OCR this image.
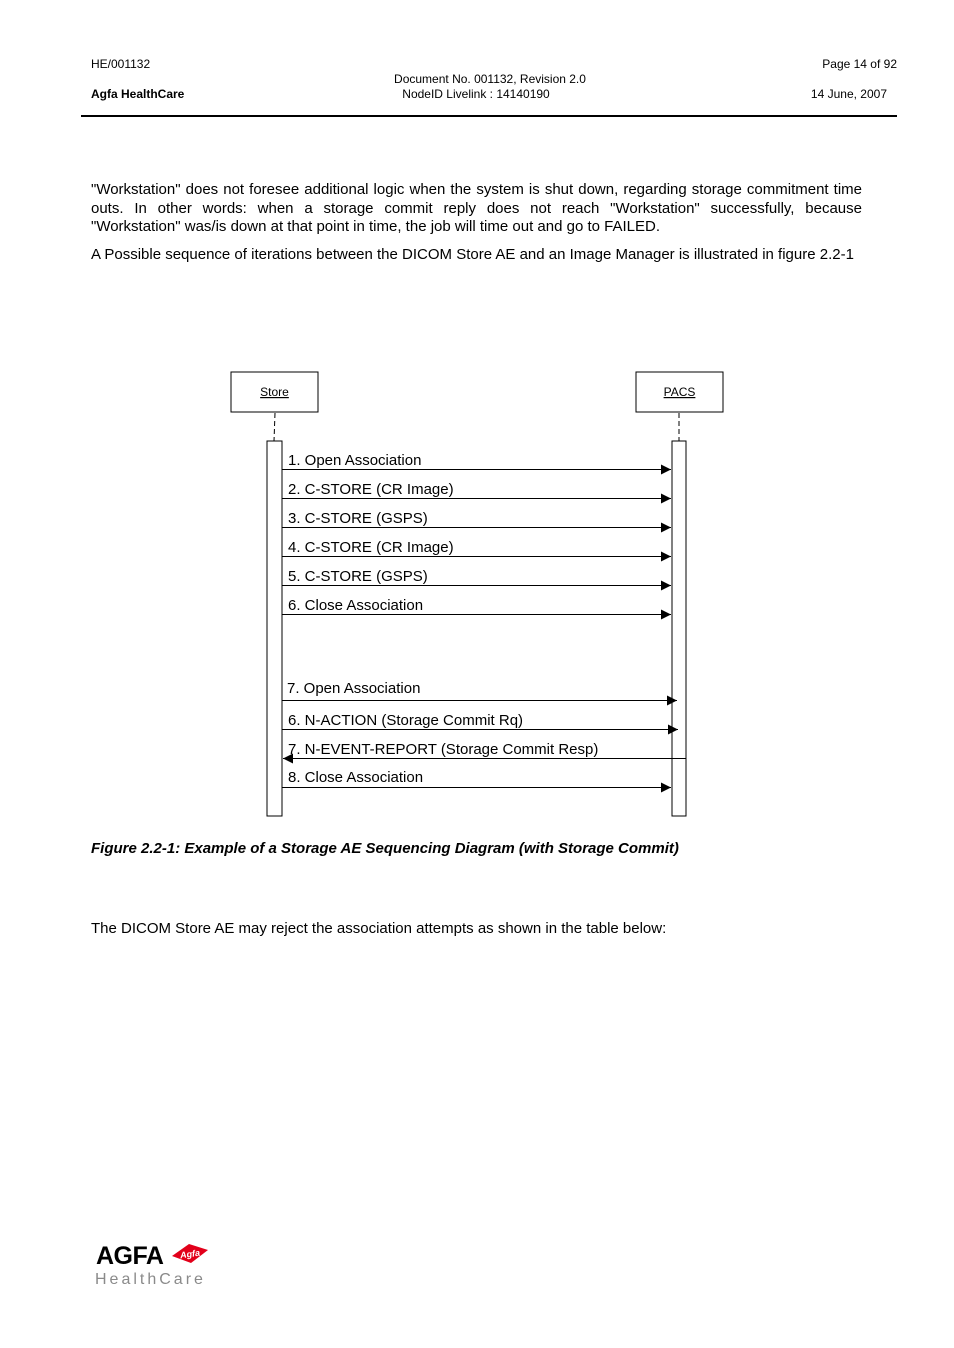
HE/001132
Agfa HealthCare
Document No. 001132, Revision 2.0
NodeID Livelink : 14140190
Page 14 of 92
14 June, 2007
"Workstation" does not foresee additional logic when the system is shut down, regarding storage commitment time outs. In other words: when a storage commit reply does not reach "Workstation" successfully, because "Workstation" was/is down at that point in time, the job will time out and go to FAILED.
A Possible sequence of iterations between the DICOM Store AE and an Image Manager is illustrated in figure 2.2-1
Store	PACS
1. Open Association
2. C-STORE (CR Image)
3. C-STORE (GSPS)
4. C-STORE (CR Image)
5. C-STORE (GSPS)
6. Close Association
7. Open Association
6. N-ACTION (Storage Commit Rq)
7. N-EVENT-REPORT (Storage Commit Resp)
8. Close Association
Figure 2.2-1: Example of a Storage AE Sequencing Diagram (with Storage Commit)
The DICOM Store AE may reject the association attempts as shown in the table below:
AGFA Agfa
HealthCare
